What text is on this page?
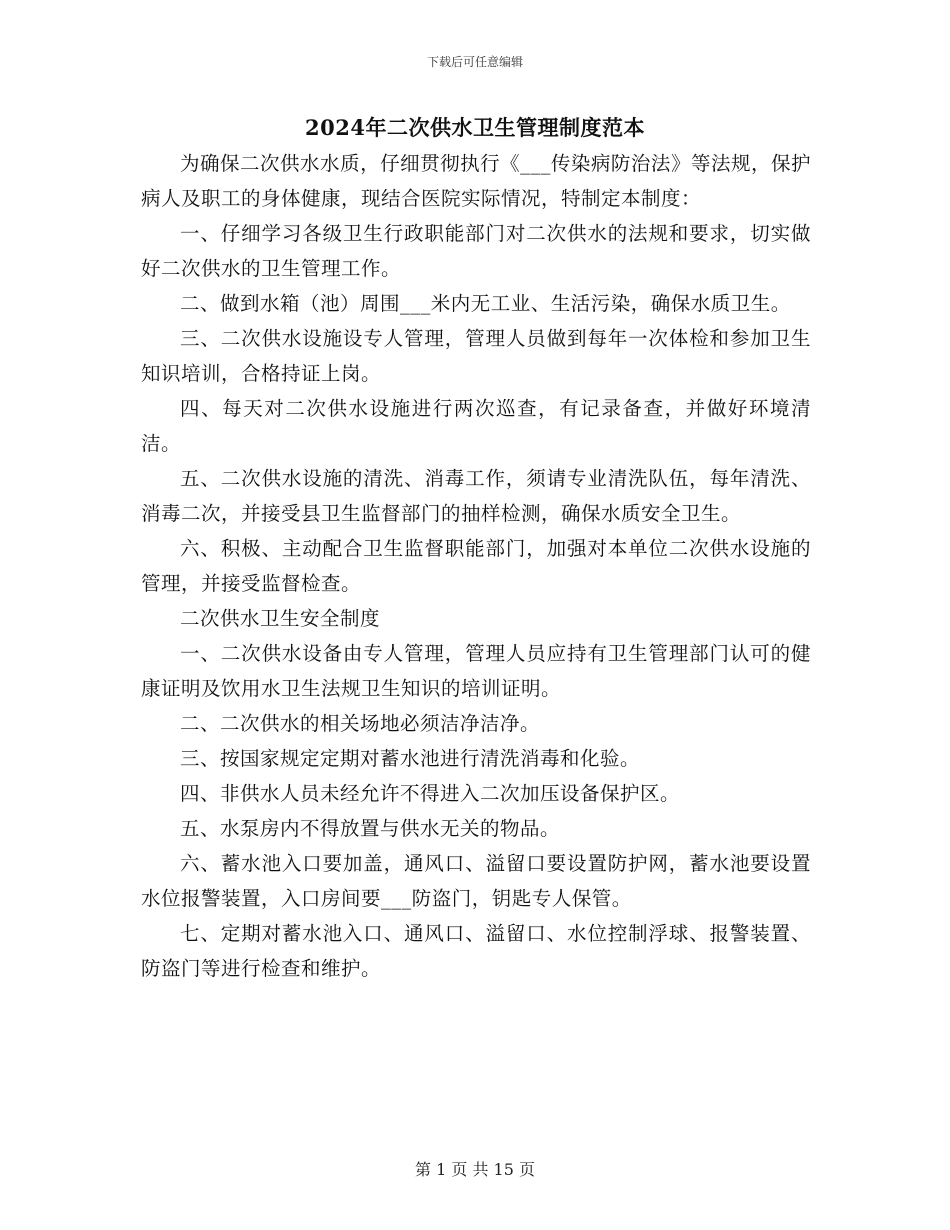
下载后可任意编辑
2024年二次供水卫生管理制度范本

为确保二次供水水质，仔细贯彻执行《___传染病防治法》等法规，保护病人及职工的身体健康，现结合医院实际情况，特制定本制度：

一、仔细学习各级卫生行政职能部门对二次供水的法规和要求，切实做好二次供水的卫生管理工作。

二、做到水箱（池）周围___米内无工业、生活污染，确保水质卫生。

三、二次供水设施设专人管理，管理人员做到每年一次体检和参加卫生知识培训，合格持证上岗。

四、每天对二次供水设施进行两次巡查，有记录备查，并做好环境清洁。

五、二次供水设施的清洗、消毒工作，须请专业清洗队伍，每年清洗、消毒二次，并接受县卫生监督部门的抽样检测，确保水质安全卫生。

六、积极、主动配合卫生监督职能部门，加强对本单位二次供水设施的管理，并接受监督检查。

二次供水卫生安全制度

一、二次供水设备由专人管理，管理人员应持有卫生管理部门认可的健康证明及饮用水卫生法规卫生知识的培训证明。

二、二次供水的相关场地必须洁净洁净。

三、按国家规定定期对蓄水池进行清洗消毒和化验。

四、非供水人员未经允许不得进入二次加压设备保护区。

五、水泵房内不得放置与供水无关的物品。

六、蓄水池入口要加盖，通风口、溢留口要设置防护网，蓄水池要设置水位报警装置，入口房间要___防盗门，钥匙专人保管。

七、定期对蓄水池入口、通风口、溢留口、水位控制浮球、报警装置、防盗门等进行检查和维护。

第 1 页 共 15 页
